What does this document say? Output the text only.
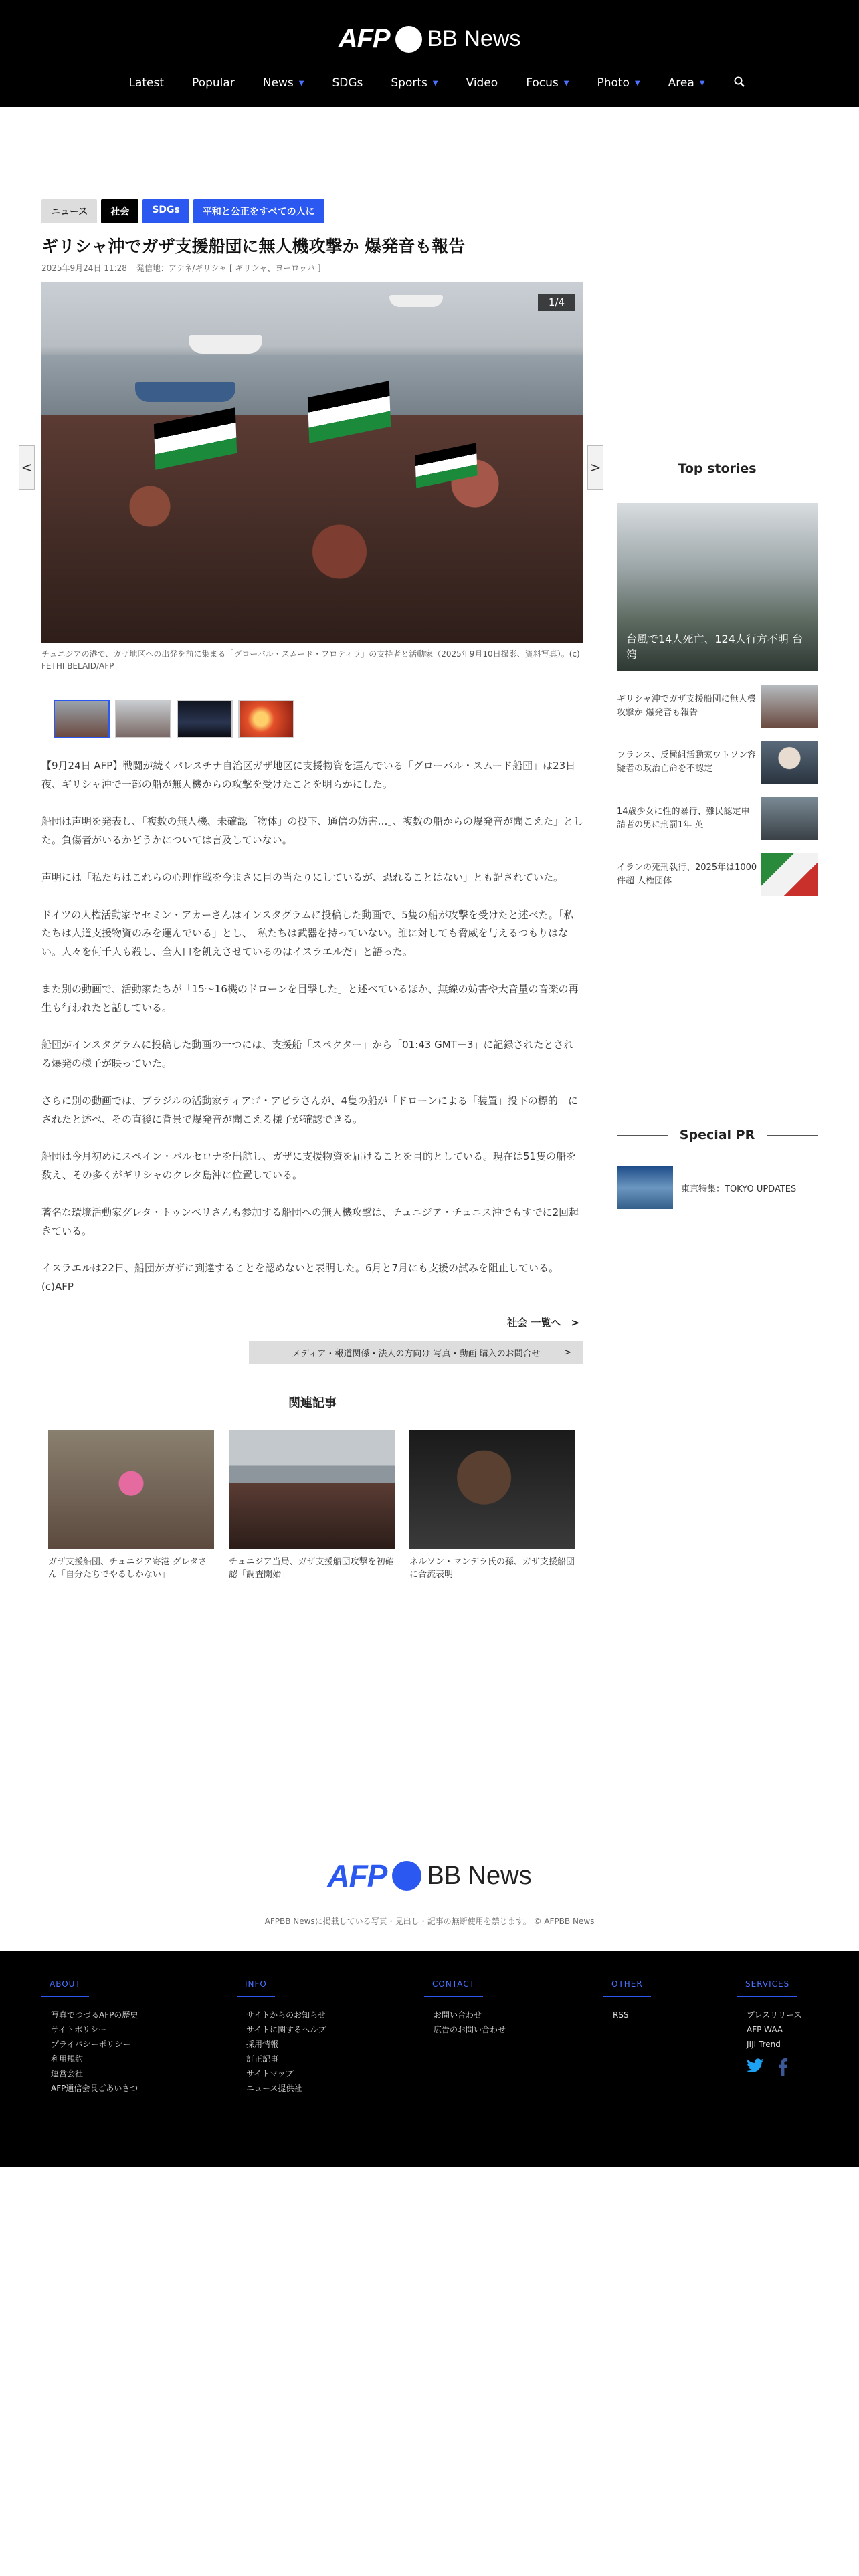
AFP BB News
Latest Popular News ▼ SDGs Sports ▼ Video Focus ▼ Photo ▼ Area ▼
<	>
ニュース	社会	SDGs	平和と公正をすべての人に
ギリシャ沖でガザ支援船団に無人機攻撃か 爆発音も報告
2025年9月24日 11:28 発信地：アテネ/ギリシャ [ ギリシャ、ヨーロッパ ]
1/4
チュニジアの港で、ガザ地区への出発を前に集まる「グローバル・スムード・フロティラ」の支持者と活動家（2025年9月10日撮影、資料写真）。(c) FETHI BELAID/AFP

【9月24日 AFP】戦闘が続くパレスチナ自治区ガザ地区に支援物資を運んでいる「グローバル・スムード船団」は23日夜、ギリシャ沖で一部の船が無人機からの攻撃を受けたことを明らかにした。

船団は声明を発表し、「複数の無人機、未確認「物体」の投下、通信の妨害…」、複数の船からの爆発音が聞こえた」とした。負傷者がいるかどうかについては言及していない。

声明には「私たちはこれらの心理作戦を今まさに目の当たりにしているが、恐れることはない」とも記されていた。

ドイツの人権活動家ヤセミン・アカーさんはインスタグラムに投稿した動画で、5隻の船が攻撃を受けたと述べた。「私たちは人道支援物資のみを運んでいる」とし、「私たちは武器を持っていない。誰に対しても脅威を与えるつもりはない。人々を何千人も殺し、全人口を飢えさせているのはイスラエルだ」と語った。

また別の動画で、活動家たちが「15～16機のドローンを目撃した」と述べているほか、無線の妨害や大音量の音楽の再生も行われたと話している。

船団がインスタグラムに投稿した動画の一つには、支援船「スペクター」から「01:43 GMT＋3」に記録されたとされる爆発の様子が映っていた。

さらに別の動画では、ブラジルの活動家ティアゴ・アビラさんが、4隻の船が「ドローンによる「装置」投下の標的」にされたと述べ、その直後に背景で爆発音が聞こえる様子が確認できる。

船団は今月初めにスペイン・バルセロナを出航し、ガザに支援物資を届けることを目的としている。現在は51隻の船を数え、その多くがギリシャのクレタ島沖に位置している。

著名な環境活動家グレタ・トゥンベリさんも参加する船団への無人機攻撃は、チュニジア・チュニス沖でもすでに2回起きている。

イスラエルは22日、船団がガザに到達することを認めないと表明した。6月と7月にも支援の試みを阻止している。(c)AFP

社会 一覧へ　>
メディア・報道関係・法人の方向け 写真・動画 購入のお問合せ	>
関連記事
ガザ支援船団、チュニジア寄港 グレタさん「自分たちでやるしかない」
チュニジア当局、ガザ支援船団攻撃を初確認「調査開始」
ネルソン・マンデラ氏の孫、ガザ支援船団に合流表明
Top stories
台風で14人死亡、124人行方不明 台湾
ギリシャ沖でガザ支援船団に無人機攻撃か 爆発音も報告
フランス、反極組活動家ワトソン容疑者の政治亡命を不認定
14歳少女に性的暴行、難民認定申請者の男に刑罰1年 英
イランの死刑執行、2025年は1000件超 人権団体
Special PR
東京特集：TOKYO UPDATES
AFP BB News
AFPBB Newsに掲載している写真・見出し・記事の無断使用を禁じます。 © AFPBB News
ABOUT
写真でつづるAFPの歴史
サイトポリシー
プライバシーポリシー
利用規約
運営会社
AFP通信会長ごあいさつ
INFO
サイトからのお知らせ
サイトに関するヘルプ
採用情報
訂正記事
サイトマップ
ニュース提供社
CONTACT
お問い合わせ
広告のお問い合わせ
OTHER
RSS
SERVICES
プレスリリース
AFP WAA
JIJI Trend
